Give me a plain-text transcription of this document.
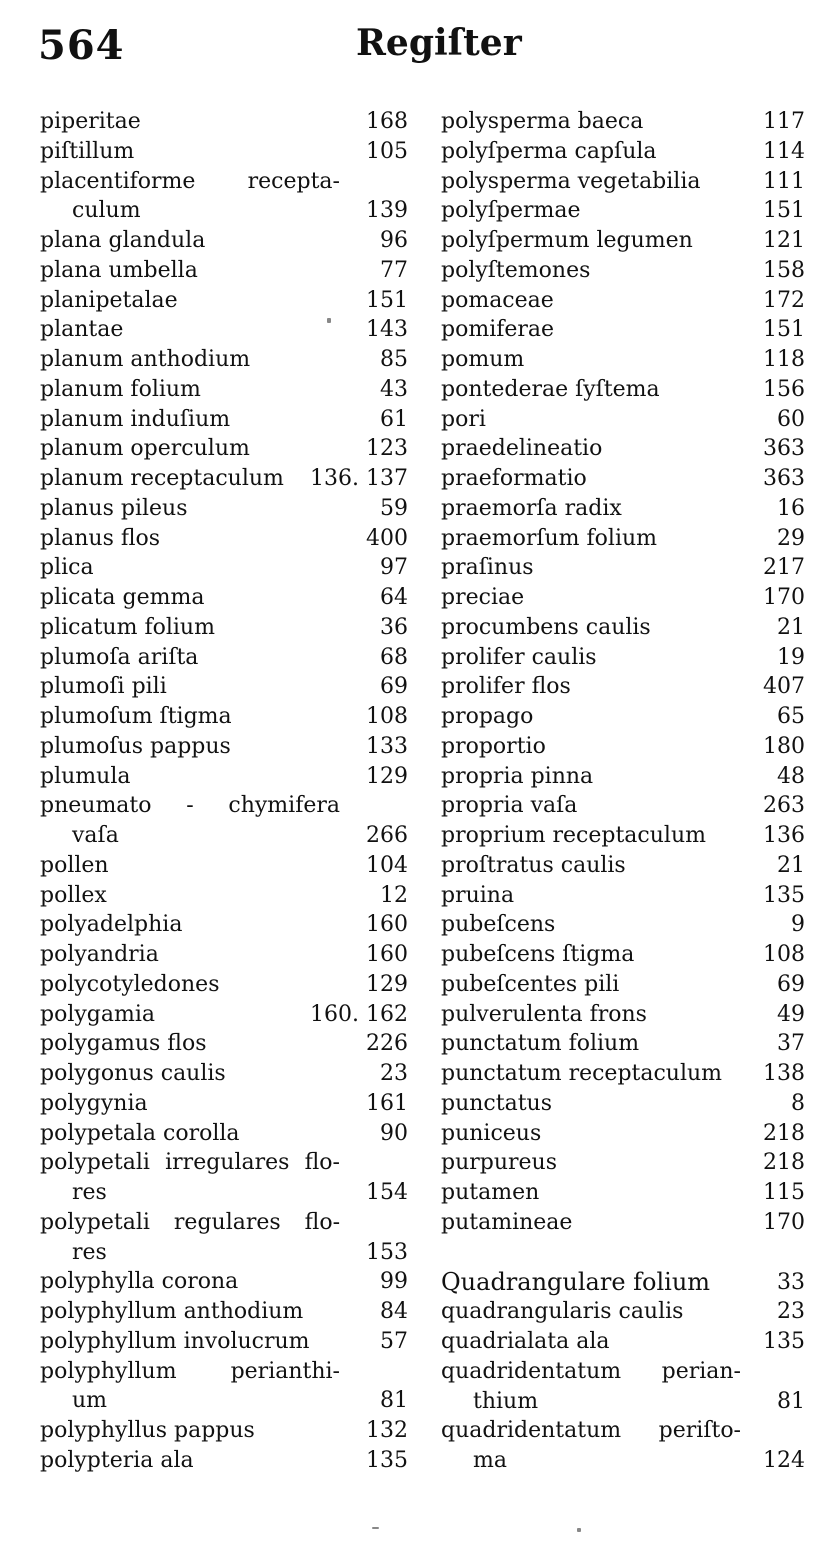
564	Regiſter
piperitae	168
piſtillum	105
placentiforme recepta-
culum	139
plana glandula	96
plana umbella	77
planipetalae	151
plantae	143
planum anthodium	85
planum folium	43
planum induſium	61
planum operculum	123
planum receptaculum 136. 137
planus pileus	59
planus flos	400
plica	97
plicata gemma	64
plicatum folium	36
plumoſa ariſta	68
plumoſi pili	69
plumoſum ſtigma	108
plumoſus pappus	133
plumula	129
pneumato - chymifera
vaſa	266
pollen	104
pollex	12
polyadelphia	160
polyandria	160
polycotyledones	129
polygamia	160. 162
polygamus flos	226
polygonus caulis	23
polygynia	161
polypetala corolla	90
polypetali irregulares flo-
res	154
polypetali regulares flo-
res	153
polyphylla corona	99
polyphyllum anthodium	84
polyphyllum involucrum	57
polyphyllum perianthi-
um	81
polyphyllus pappus	132
polypteria ala	135
polysperma baeca	117
polyſperma capſula	114
polysperma vegetabilia	111
polyſpermae	151
polyſpermum legumen	121
polyſtemones	158
pomaceae	172
pomiferae	151
pomum	118
pontederae ſyſtema	156
pori	60
praedelineatio	363
praeformatio	363
praemorſa radix	16
praemorſum folium	29
praſinus	217
preciae	170
procumbens caulis	21
prolifer caulis	19
prolifer flos	407
propago	65
proportio	180
propria pinna	48
propria vaſa	263
proprium receptaculum	136
proſtratus caulis	21
pruina	135
pubeſcens	9
pubeſcens ſtigma	108
pubeſcentes pili	69
pulverulenta frons	49
punctatum folium	37
punctatum receptaculum 138
punctatus	8
puniceus	218
purpureus	218
putamen	115
putamineae	170
Quadrangulare folium	33
quadrangularis caulis	23
quadrialata ala	135
quadridentatum perian-
thium	81
quadridentatum periſto-
ma	124
